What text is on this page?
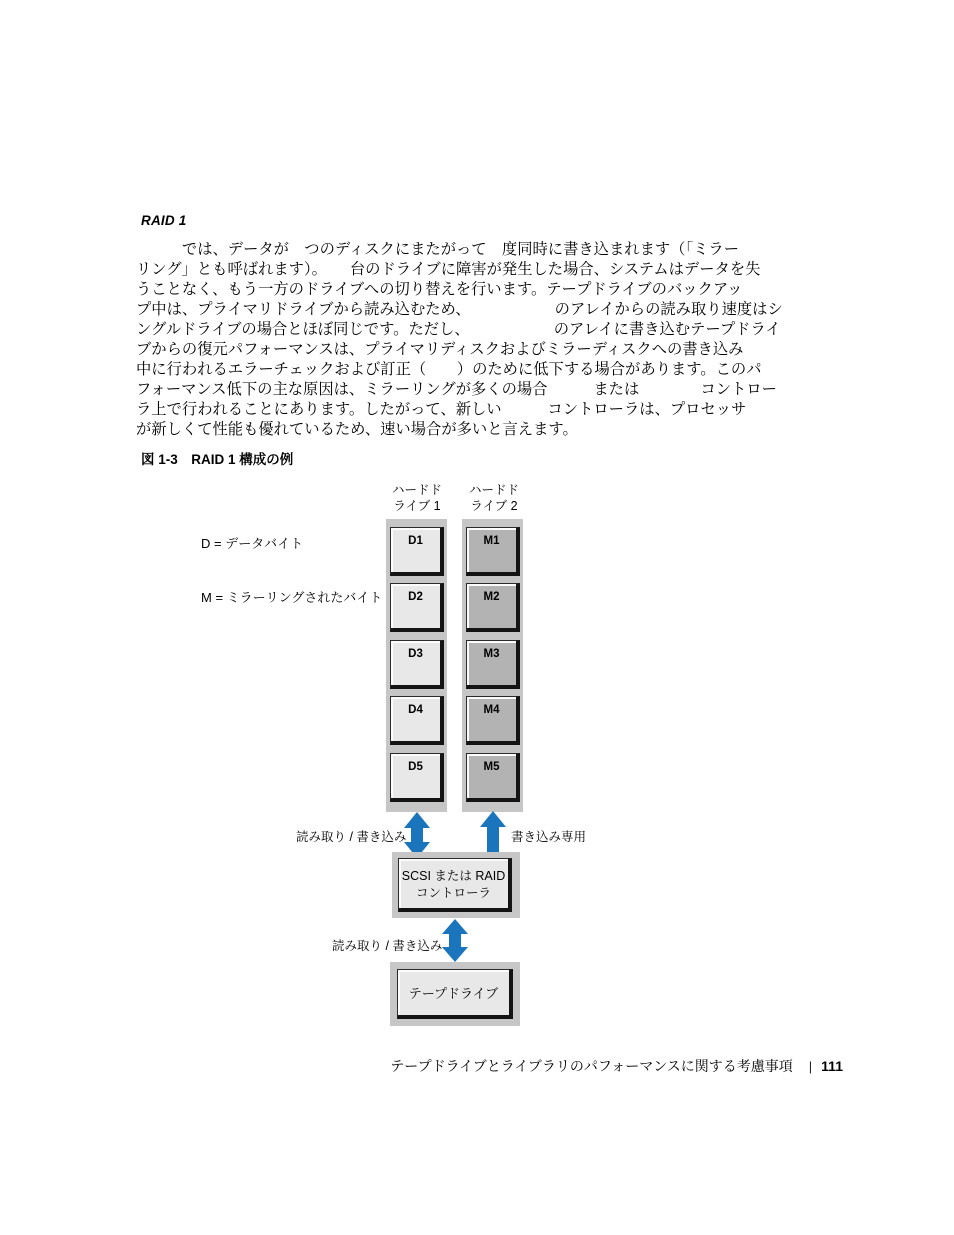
RAID 1
　　　では、データが　つのディスクにまたがって　度同時に書き込まれます（「ミラー
リング」とも呼ばれます）。　　台のドライブに障害が発生した場合、システムはデータを失
うことなく、もう一方のドライブへの切り替えを行います。テープドライブのバックアッ
プ中は、プライマリドライブから読み込むため、　　　　　　のアレイからの読み取り速度はシ
ングルドライブの場合とほぼ同じです。ただし、　　　　　　のアレイに書き込むテープドライ
ブからの復元パフォーマンスは、プライマリディスクおよびミラーディスクへの書き込み
中に行われるエラーチェックおよび訂正（　　）のために低下する場合があります。このパ
フォーマンス低下の主な原因は、ミラーリングが多くの場合　　　または　　　　コントロー
ラ上で行われることにあります。したがって、新しい　　　コントローラは、プロセッサ
が新しくて性能も優れているため、速い場合が多いと言えます。
図 1-3　RAID 1 構成の例

D = データバイト

M = ミラーリングされたバイト

ハードド
ライブ 1
ハードド
ライブ 2
D1
D2
D3
D4
D5
M1
M2
M3
M4
M5
読み取り / 書き込み	書き込み専用
読み取り / 書き込み
SCSI または RAID
コントローラ
テープドライブ
テープドライブとライブラリのパフォーマンスに関する考慮事項 | 111
